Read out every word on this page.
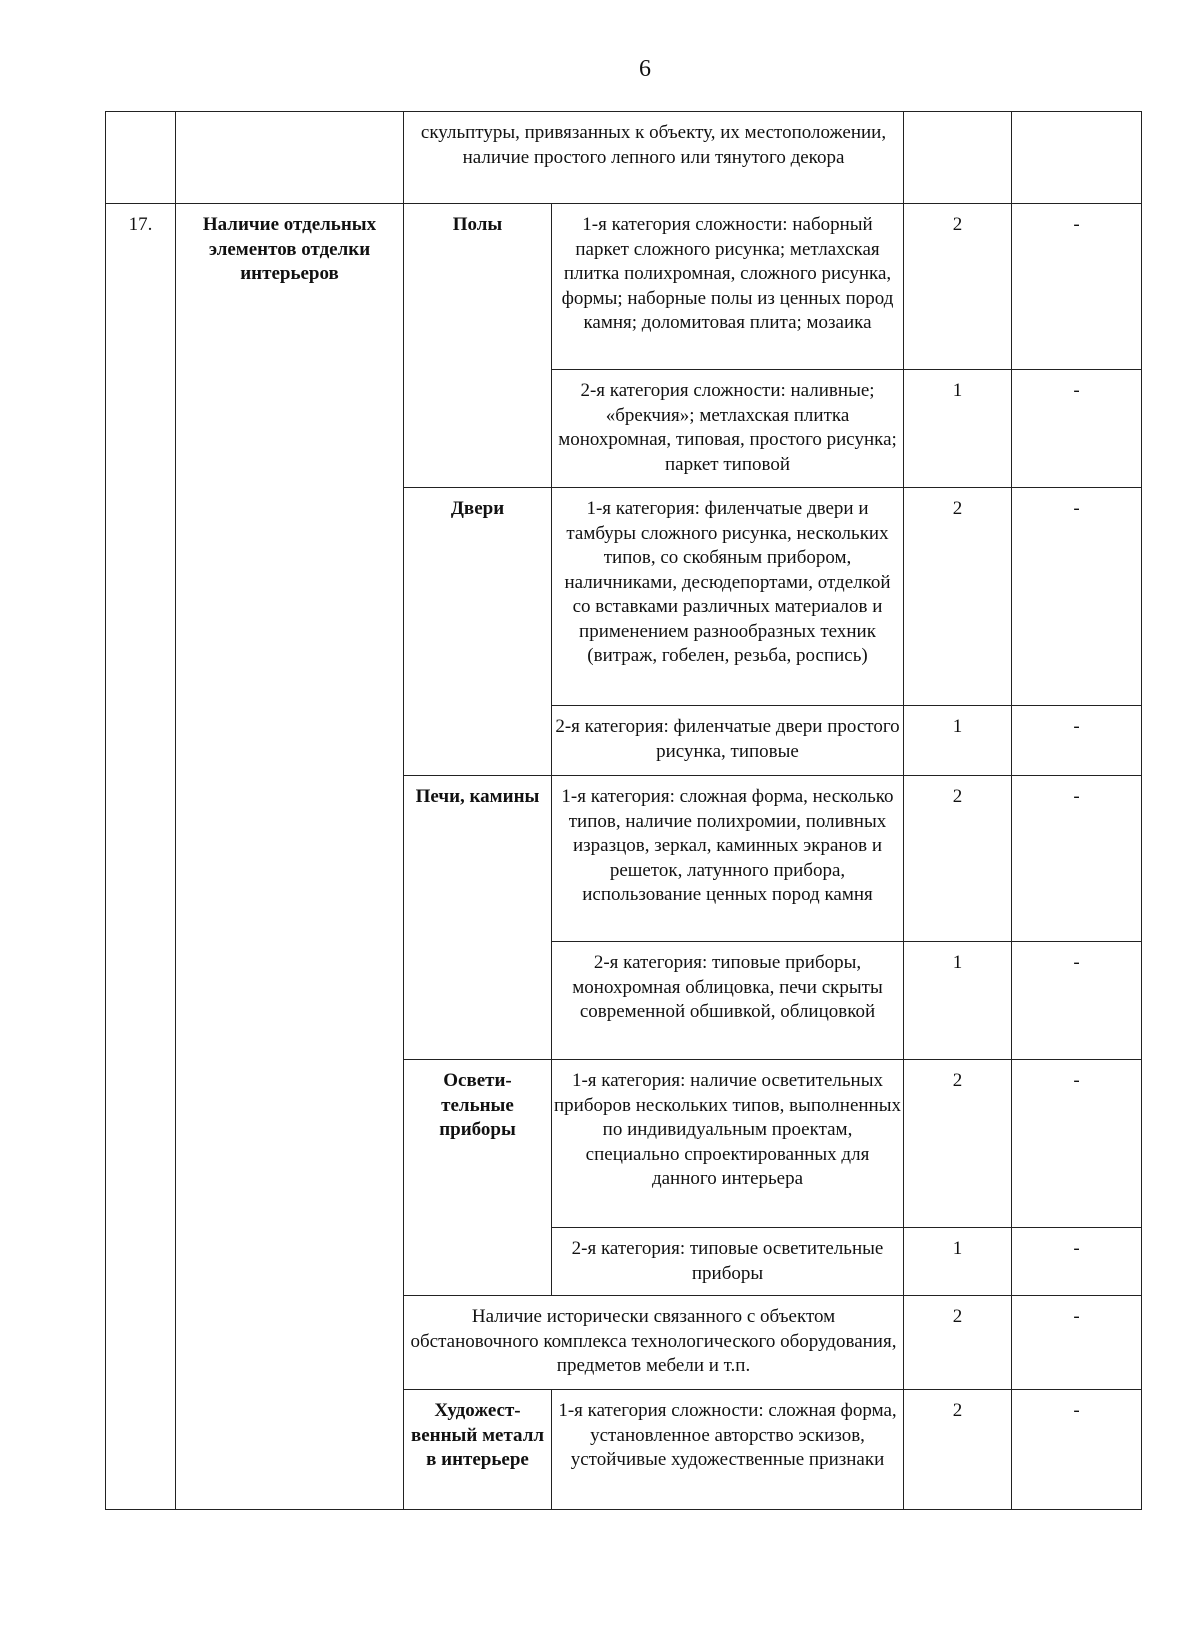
6
		скульптуры, привязанных к объекту, их местоположении, наличие простого лепного или тянутого декора			
17.	Наличие отдельных элементов отделки интерьеров	Полы	1-я категория сложности: наборный паркет сложного рисунка; метлахская плитка полихромная, сложного рисунка, формы; наборные полы из ценных пород камня; доломитовая плита; мозаика	2	-
			2-я категория сложности: наливные; «брекчия»; метлахская плитка монохромная, типовая, простого рисунка; паркет типовой	1	-
		Двери	1-я категория: филенчатые двери и тамбуры сложного рисунка, нескольких типов, со скобяным прибором, наличниками, десюдепортами, отделкой со вставками различных материалов и применением разнообразных техник (витраж, гобелен, резьба, роспись)	2	-
			2-я категория: филенчатые двери простого рисунка, типовые	1	-
		Печи, камины	1-я категория: сложная форма, несколько типов, наличие полихромии, поливных изразцов, зеркал, каминных экранов и решеток, латунного прибора, использование ценных пород камня	2	-
			2-я категория: типовые приборы, монохромная облицовка, печи скрыты современной обшивкой, облицовкой	1	-
		Освети- тельные приборы	1-я категория: наличие осветительных приборов нескольких типов, выполненных по индивидуальным проектам, специально спроектированных для данного интерьера	2	-
			2-я категория: типовые осветительные приборы	1	-
		Наличие исторически связанного с объектом обстановочного комплекса технологического оборудования, предметов мебели и т.п.		2	-
		Художест- венный металл в интерьере	1-я категория сложности: сложная форма, установленное авторство эскизов, устойчивые художественные признаки	2	-
